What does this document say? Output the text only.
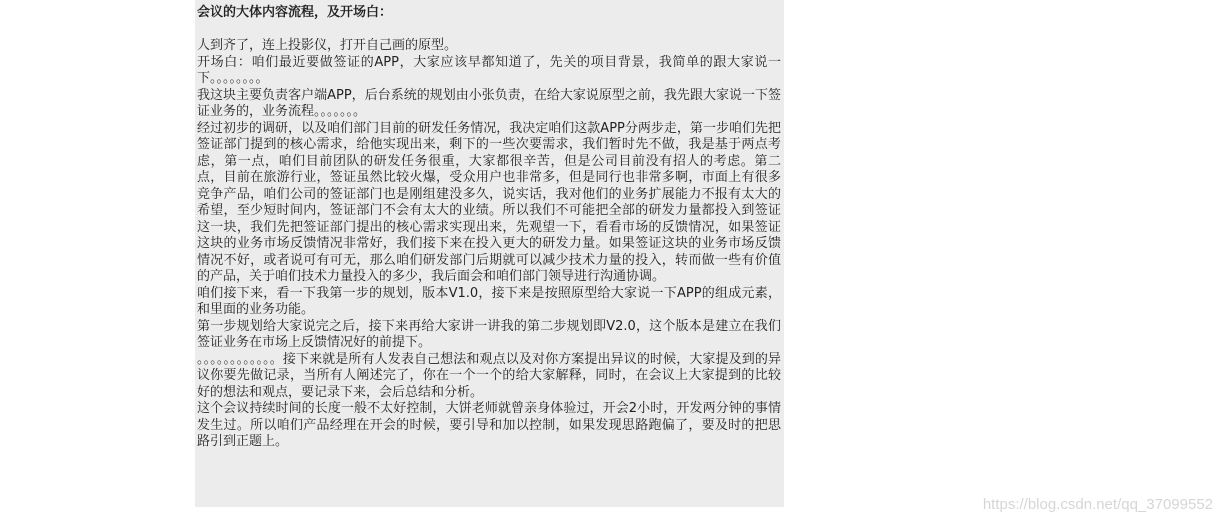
会议的大体内容流程，及开场白：

人到齐了，连上投影仪，打开自己画的原型。

开场白：咱们最近要做签证的APP，大家应该早都知道了，先关的项目背景，我简单的跟大家说一下。。。。。。。。

我这块主要负责客户端APP，后台系统的规划由小张负责，在给大家说原型之前，我先跟大家说一下签证业务的，业务流程。。。。。。。

经过初步的调研，以及咱们部门目前的研发任务情况，我决定咱们这款APP分两步走，第一步咱们先把签证部门提到的核心需求，给他实现出来，剩下的一些次要需求，我们暂时先不做，我是基于两点考虑，第一点，咱们目前团队的研发任务很重，大家都很辛苦，但是公司目前没有招人的考虑。第二点，目前在旅游行业，签证虽然比较火爆，受众用户也非常多，但是同行也非常多啊，市面上有很多竞争产品，咱们公司的签证部门也是刚组建没多久，说实话，我对他们的业务扩展能力不报有太大的希望，至少短时间内，签证部门不会有太大的业绩。所以我们不可能把全部的研发力量都投入到签证这一块，我们先把签证部门提出的核心需求实现出来，先观望一下，看看市场的反馈情况，如果签证这块的业务市场反馈情况非常好，我们接下来在投入更大的研发力量。如果签证这块的业务市场反馈情况不好，或者说可有可无，那么咱们研发部门后期就可以减少技术力量的投入，转而做一些有价值的产品，关于咱们技术力量投入的多少，我后面会和咱们部门领导进行沟通协调。

咱们接下来，看一下我第一步的规划，版本V1.0，接下来是按照原型给大家说一下APP的组成元素，和里面的业务功能。

第一步规划给大家说完之后，接下来再给大家讲一讲我的第二步规划即V2.0，这个版本是建立在我们签证业务在市场上反馈情况好的前提下。

。。。。。。。。。。。。接下来就是所有人发表自己想法和观点以及对你方案提出异议的时候，大家提及到的异议你要先做记录，当所有人阐述完了，你在一个一个的给大家解释，同时，在会议上大家提到的比较好的想法和观点，要记录下来，会后总结和分析。

这个会议持续时间的长度一般不太好控制，大饼老师就曾亲身体验过，开会2小时，开发两分钟的事情发生过。所以咱们产品经理在开会的时候，要引导和加以控制，如果发现思路跑偏了，要及时的把思路引到正题上。

https://blog.csdn.net/qq_37099552
